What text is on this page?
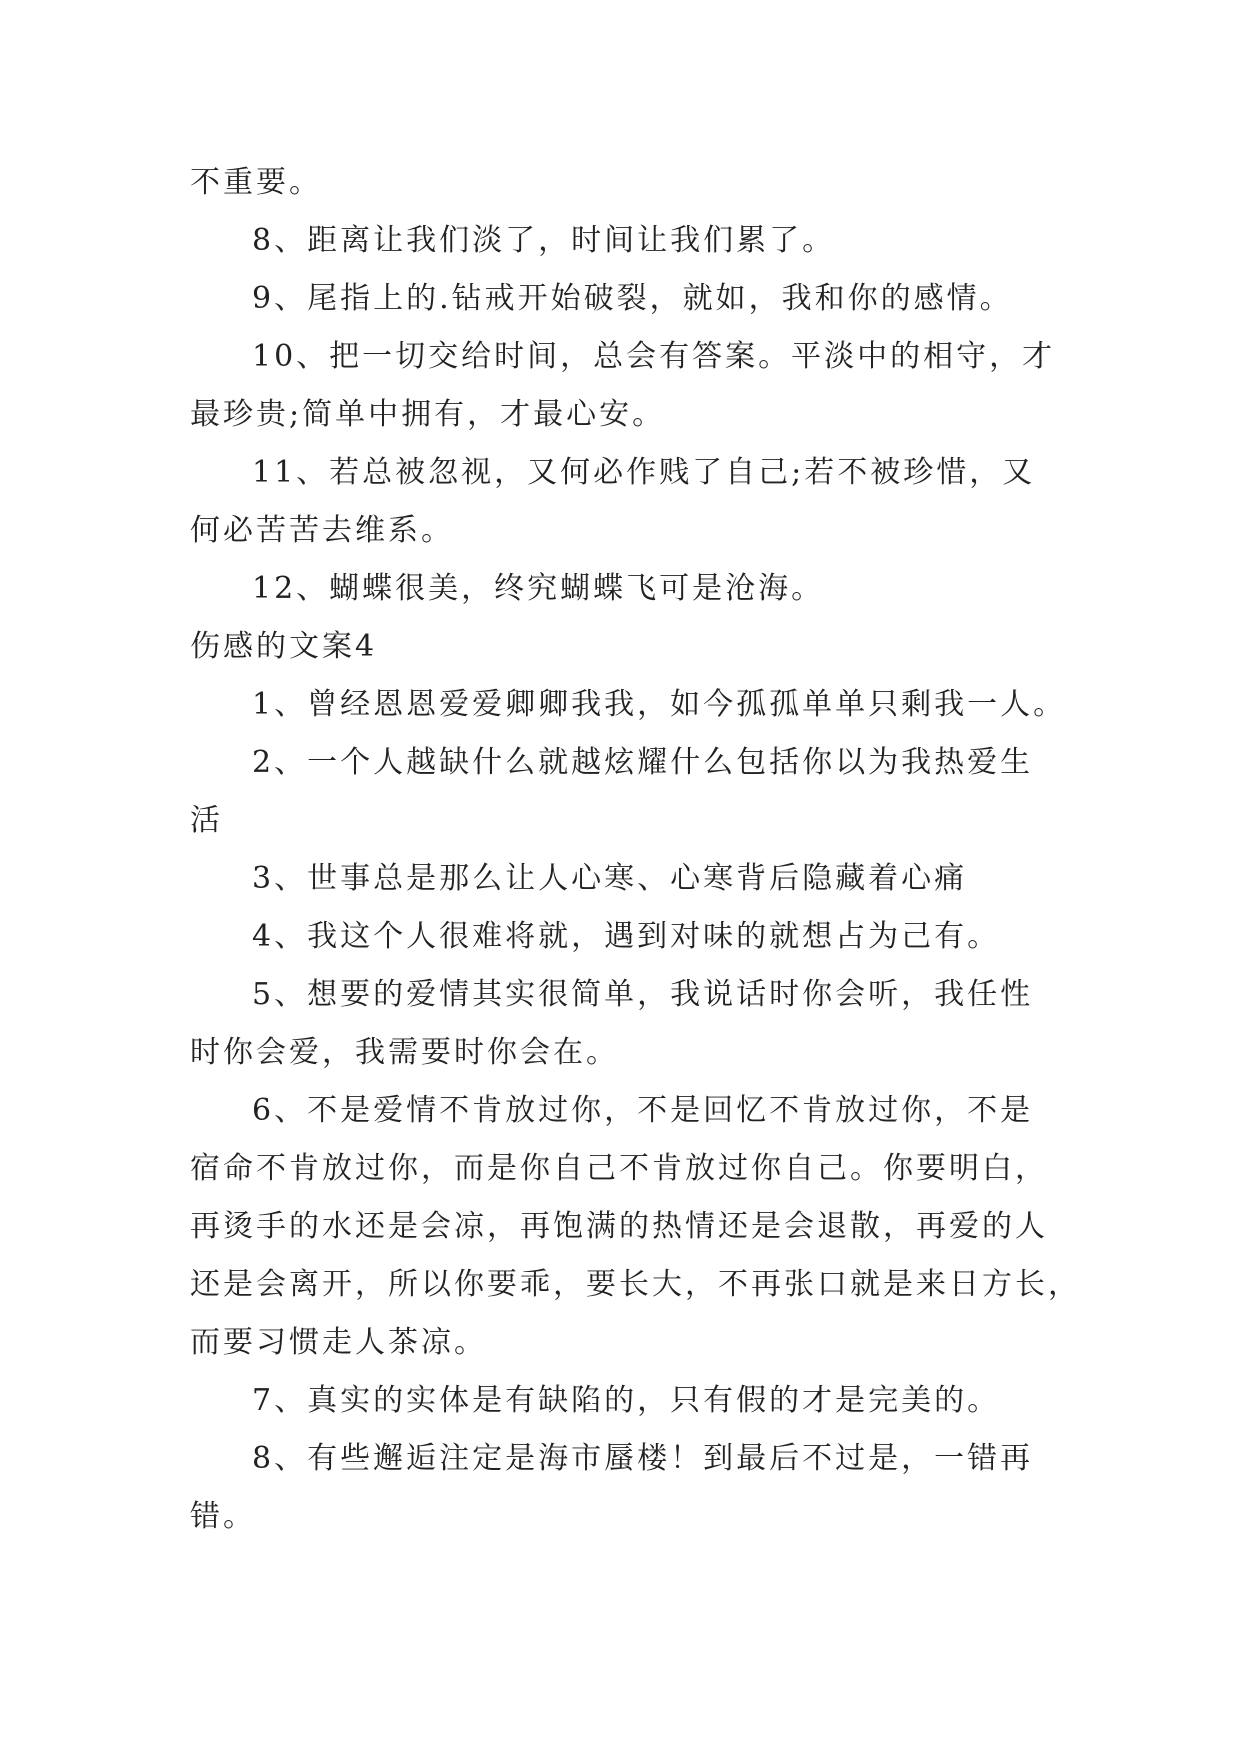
不重要。
8、距离让我们淡了，时间让我们累了。
9、尾指上的.钻戒开始破裂，就如，我和你的感情。
10、把一切交给时间，总会有答案。平淡中的相守，才
最珍贵;简单中拥有，才最心安。
11、若总被忽视，又何必作贱了自己;若不被珍惜，又
何必苦苦去维系。
12、蝴蝶很美，终究蝴蝶飞可是沧海。
伤感的文案4
1、曾经恩恩爱爱卿卿我我，如今孤孤单单只剩我一人。
2、一个人越缺什么就越炫耀什么包括你以为我热爱生
活
3、世事总是那么让人心寒、心寒背后隐藏着心痛
4、我这个人很难将就，遇到对味的就想占为己有。
5、想要的爱情其实很简单，我说话时你会听，我任性
时你会爱，我需要时你会在。
6、不是爱情不肯放过你，不是回忆不肯放过你，不是
宿命不肯放过你，而是你自己不肯放过你自己。你要明白，
再烫手的水还是会凉，再饱满的热情还是会退散，再爱的人
还是会离开，所以你要乖，要长大，不再张口就是来日方长，
而要习惯走人茶凉。
7、真实的实体是有缺陷的，只有假的才是完美的。
8、有些邂逅注定是海市蜃楼！到最后不过是，一错再
错。
